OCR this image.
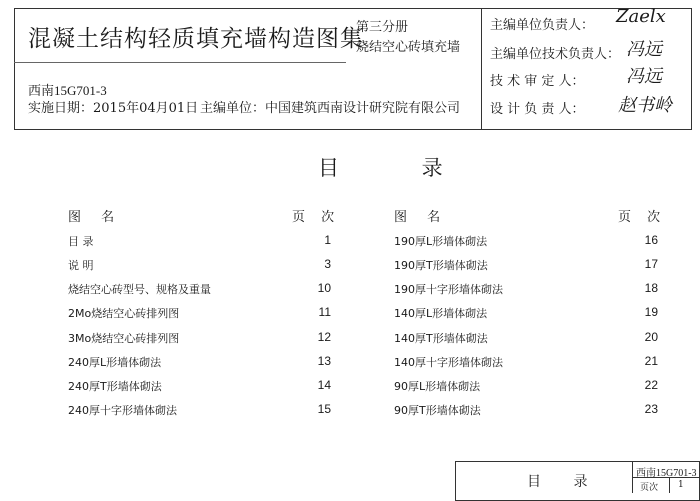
混凝土结构轻质填充墙构造图集
第三分册
烧结空心砖填充墙
西南15G701-3
实施日期：2015年04月01日 主编单位：中国建筑西南设计研究院有限公司
主编单位负责人： Zaelx
主编单位技术负责人： 冯远
技 术 审 定 人： 冯远
设 计 负 责 人： 赵书岭
目 录
图 名	页 次	图 名	页 次
目 录	1
说 明	3
烧结空心砖型号、规格及重量	10
2Mo烧结空心砖排列图	11
3Mo烧结空心砖排列图	12
240厚L形墙体砌法	13
240厚T形墙体砌法	14
240厚十字形墙体砌法	15
190厚L形墙体砌法	16
190厚T形墙体砌法	17
190厚十字形墙体砌法	18
140厚L形墙体砌法	19
140厚T形墙体砌法	20
140厚十字形墙体砌法	21
90厚L形墙体砌法	22
90厚T形墙体砌法	23
目 录
西南15G701-3
页次 1
